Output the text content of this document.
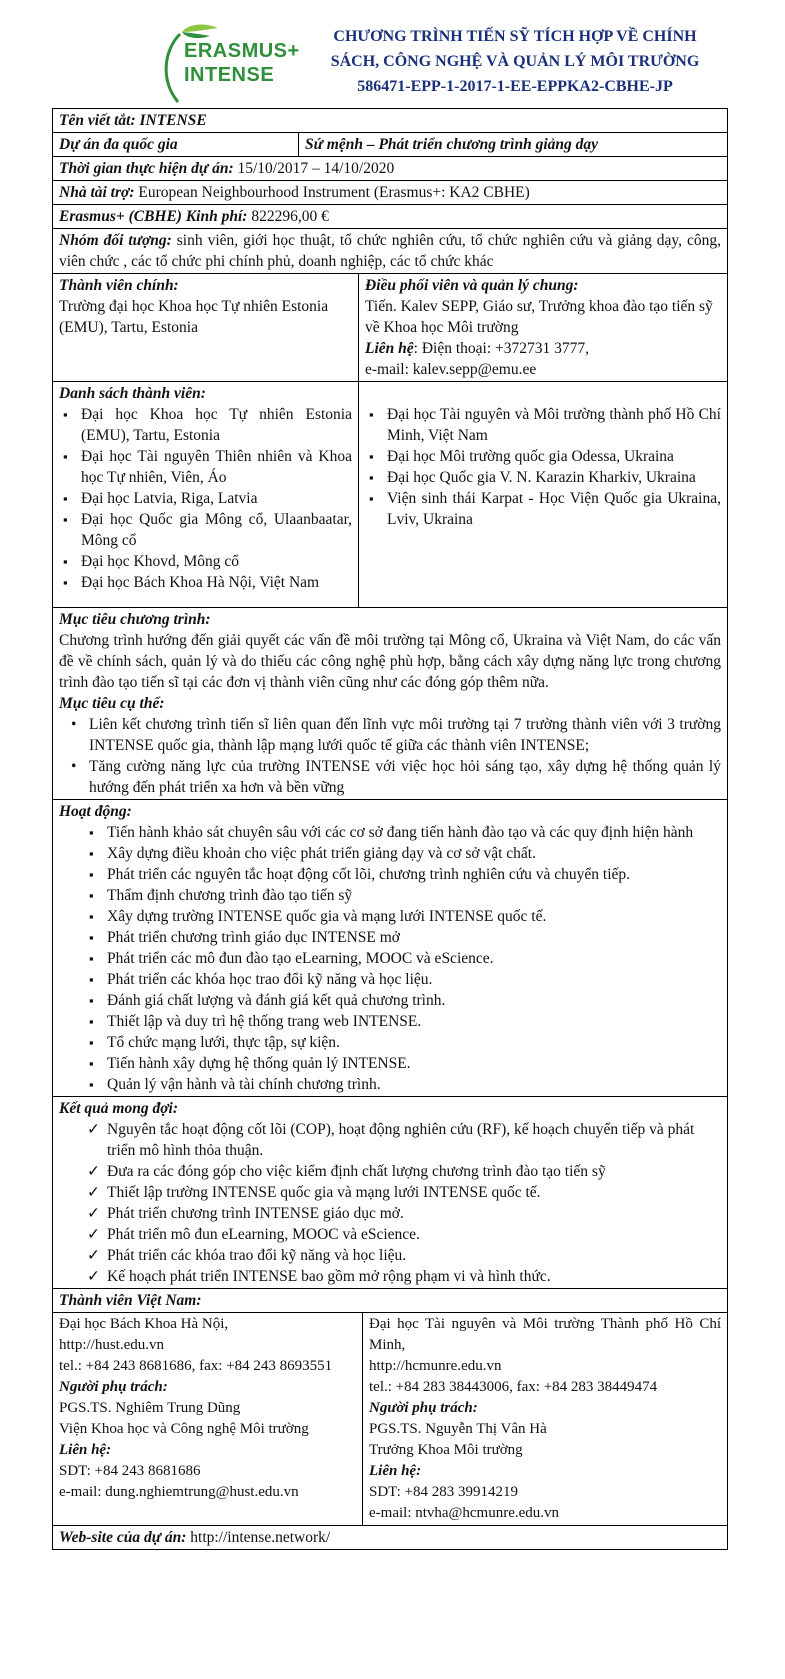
ERASMUS+
INTENSE
CHƯƠNG TRÌNH TIẾN SỸ TÍCH HỢP VỀ CHÍNH
SÁCH, CÔNG NGHỆ VÀ QUẢN LÝ MÔI TRƯỜNG
586471-EPP-1-2017-1-EE-EPPKA2-CBHE-JP
Tên viết tắt: INTENSE
Dự án đa quốc gia	Sứ mệnh – Phát triển chương trình giảng dạy
Thời gian thực hiện dự án: 15/10/2017 – 14/10/2020
Nhà tài trợ: European Neighbourhood Instrument (Erasmus+: KA2 CBHE)
Erasmus+ (CBHE) Kinh phí: 822296,00 €
Nhóm đối tượng: sinh viên, giới học thuật, tổ chức nghiên cứu, tổ chức nghiên cứu và giảng dạy, công, viên chức , các tổ chức phi chính phủ, doanh nghiệp, các tổ chức khác
Thành viên chính:
Trường đại học Khoa học Tự nhiên Estonia (EMU), Tartu, Estonia
Điều phối viên và quản lý chung:
Tiến. Kalev SEPP, Giáo sư, Trưởng khoa đào tạo tiến sỹ về Khoa học Môi trường
Liên hệ: Điện thoại: +372731 3777,
e-mail: kalev.sepp@emu.ee
Danh sách thành viên:
▪ Đại học Khoa học Tự nhiên Estonia (EMU), Tartu, Estonia
▪ Đại học Tài nguyên Thiên nhiên và Khoa học Tự nhiên, Viên, Áo
▪ Đại học Latvia, Riga, Latvia
▪ Đại học Quốc gia Mông cổ, Ulaanbaatar, Mông cổ
▪ Đại học Khovd, Mông cổ
▪ Đại học Bách Khoa Hà Nội, Việt Nam
▪ Đại học Tài nguyên và Môi trường thành phố Hồ Chí Minh, Việt Nam
▪ Đại học Môi trường quốc gia Odessa, Ukraina
▪ Đại học Quốc gia V. N. Karazin Kharkiv, Ukraina
▪ Viện sinh thái Karpat - Học Viện Quốc gia Ukraina, Lviv, Ukraina
Mục tiêu chương trình:
Chương trình hướng đến giải quyết các vấn đề môi trường tại Mông cổ, Ukraina và Việt Nam, do các vấn đề về chính sách, quản lý và do thiếu các công nghệ phù hợp, bằng cách xây dựng năng lực trong chương trình đào tạo tiến sĩ tại các đơn vị thành viên cũng như các đóng góp thêm nữa.
Mục tiêu cụ thể:
• Liên kết chương trình tiến sĩ liên quan đến lĩnh vực môi trường tại 7 trường thành viên với 3 trường INTENSE quốc gia, thành lập mạng lưới quốc tế giữa các thành viên INTENSE;
• Tăng cường năng lực của trường INTENSE với việc học hỏi sáng tạo, xây dựng hệ thống quản lý hướng đến phát triển xa hơn và bền vững
Hoạt động:
▪ Tiến hành khảo sát chuyên sâu với các cơ sở đang tiến hành đào tạo và các quy định hiện hành
▪ Xây dựng điều khoản cho việc phát triển giảng dạy và cơ sở vật chất.
▪ Phát triển các nguyên tắc hoạt động cốt lõi, chương trình nghiên cứu và chuyển tiếp.
▪ Thẩm định chương trình đào tạo tiến sỹ
▪ Xây dựng trường INTENSE quốc gia và mạng lưới INTENSE quốc tế.
▪ Phát triển chương trình giáo dục INTENSE mở
▪ Phát triển các mô đun đào tạo eLearning, MOOC và eScience.
▪ Phát triển các khóa học trao đổi kỹ năng và học liệu.
▪ Đánh giá chất lượng và đánh giá kết quả chương trình.
▪ Thiết lập và duy trì hệ thống trang web INTENSE.
▪ Tổ chức mạng lưới, thực tập, sự kiện.
▪ Tiến hành xây dựng hệ thống quản lý INTENSE.
▪ Quản lý vận hành và tài chính chương trình.
Kết quả mong đợi:
✓ Nguyên tắc hoạt động cốt lõi (COP), hoạt động nghiên cứu (RF), kế hoạch chuyển tiếp và phát triển mô hình thỏa thuận.
✓ Đưa ra các đóng góp cho việc kiểm định chất lượng chương trình đào tạo tiến sỹ
✓ Thiết lập trường INTENSE quốc gia và mạng lưới INTENSE quốc tế.
✓ Phát triển chương trình INTENSE giáo dục mở.
✓ Phát triển mô đun eLearning, MOOC và eScience.
✓ Phát triển các khóa trao đổi kỹ năng và học liệu.
✓ Kế hoạch phát triển INTENSE bao gồm mở rộng phạm vi và hình thức.
Thành viên Việt Nam:
Đại học Bách Khoa Hà Nội,
http://hust.edu.vn
tel.: +84 243 8681686, fax: +84 243 8693551
Người phụ trách:
PGS.TS. Nghiêm Trung Dũng
Viện Khoa học và Công nghệ Môi trường
Liên hệ:
SDT: +84 243 8681686
e-mail: dung.nghiemtrung@hust.edu.vn
Đại học Tài nguyên và Môi trường Thành phố Hồ Chí Minh,
http://hcmunre.edu.vn
tel.: +84 283 38443006, fax: +84 283 38449474
Người phụ trách:
PGS.TS. Nguyễn Thị Vân Hà
Trưởng Khoa Môi trường
Liên hệ:
SDT: +84 283 39914219
e-mail: ntvha@hcmunre.edu.vn
Web-site của dự án: http://intense.network/
